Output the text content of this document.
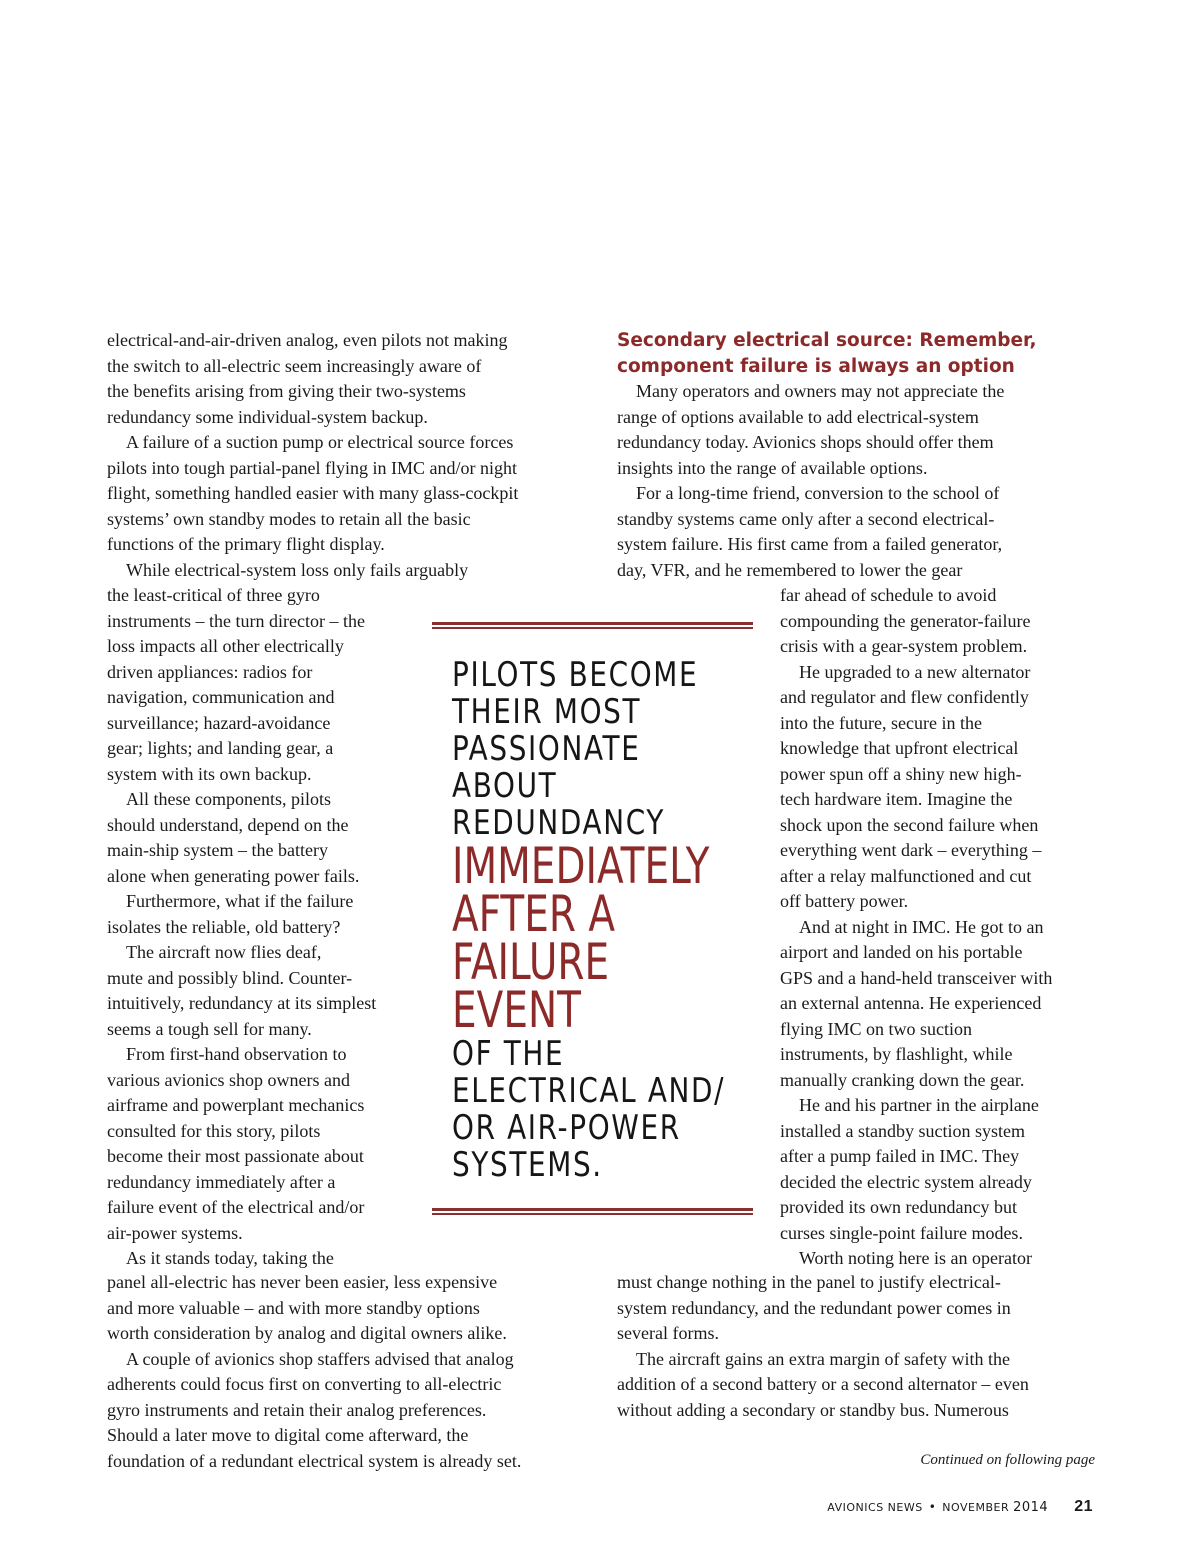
Secondary electrical source: Remember,
component failure is always an option
electrical-and-air-driven analog, even pilots not making
the switch to all-electric seem increasingly aware of
the benefits arising from giving their two-systems
redundancy some individual-system backup.
A failure of a suction pump or electrical source forces
pilots into tough partial-panel flying in IMC and/or night
flight, something handled easier with many glass-cockpit
systems’ own standby modes to retain all the basic
functions of the primary flight display.
While electrical-system loss only fails arguably
the least-critical of three gyro
instruments – the turn director – the
loss impacts all other electrically
driven appliances: radios for
navigation, communication and
surveillance; hazard-avoidance
gear; lights; and landing gear, a
system with its own backup.
All these components, pilots
should understand, depend on the
main-ship system – the battery
alone when generating power fails.
Furthermore, what if the failure
isolates the reliable, old battery?
The aircraft now flies deaf,
mute and possibly blind. Counter-
intuitively, redundancy at its simplest
seems a tough sell for many.
From first-hand observation to
various avionics shop owners and
airframe and powerplant mechanics
consulted for this story, pilots
become their most passionate about
redundancy immediately after a
failure event of the electrical and/or
air-power systems.
As it stands today, taking the
panel all-electric has never been easier, less expensive
and more valuable – and with more standby options
worth consideration by analog and digital owners alike.
A couple of avionics shop staffers advised that analog
adherents could focus first on converting to all-electric
gyro instruments and retain their analog preferences.
Should a later move to digital come afterward, the
foundation of a redundant electrical system is already set.
Many operators and owners may not appreciate the
range of options available to add electrical-system
redundancy today. Avionics shops should offer them
insights into the range of available options.
For a long-time friend, conversion to the school of
standby systems came only after a second electrical-
system failure. His first came from a failed generator,
day, VFR, and he remembered to lower the gear
far ahead of schedule to avoid
compounding the generator-failure
crisis with a gear-system problem.
He upgraded to a new alternator
and regulator and flew confidently
into the future, secure in the
knowledge that upfront electrical
power spun off a shiny new high-
tech hardware item. Imagine the
shock upon the second failure when
everything went dark – everything –
after a relay malfunctioned and cut
off battery power.
And at night in IMC. He got to an
airport and landed on his portable
GPS and a hand-held transceiver with
an external antenna. He experienced
flying IMC on two suction
instruments, by flashlight, while
manually cranking down the gear.
He and his partner in the airplane
installed a standby suction system
after a pump failed in IMC. They
decided the electric system already
provided its own redundancy but
curses single-point failure modes.
Worth noting here is an operator
must change nothing in the panel to justify electrical-
system redundancy, and the redundant power comes in
several forms.
The aircraft gains an extra margin of safety with the
addition of a second battery or a second alternator – even
without adding a secondary or standby bus. Numerous
PILOTS BECOME
THEIR MOST
PASSIONATE
ABOUT
REDUNDANCY
IMMEDIATELY
AFTER A
FAILURE
EVENT
OF THE
ELECTRICAL AND/
OR AIR-POWER
SYSTEMS.
Continued on following page
AVIONICS NEWS • NOVEMBER 2014 21
